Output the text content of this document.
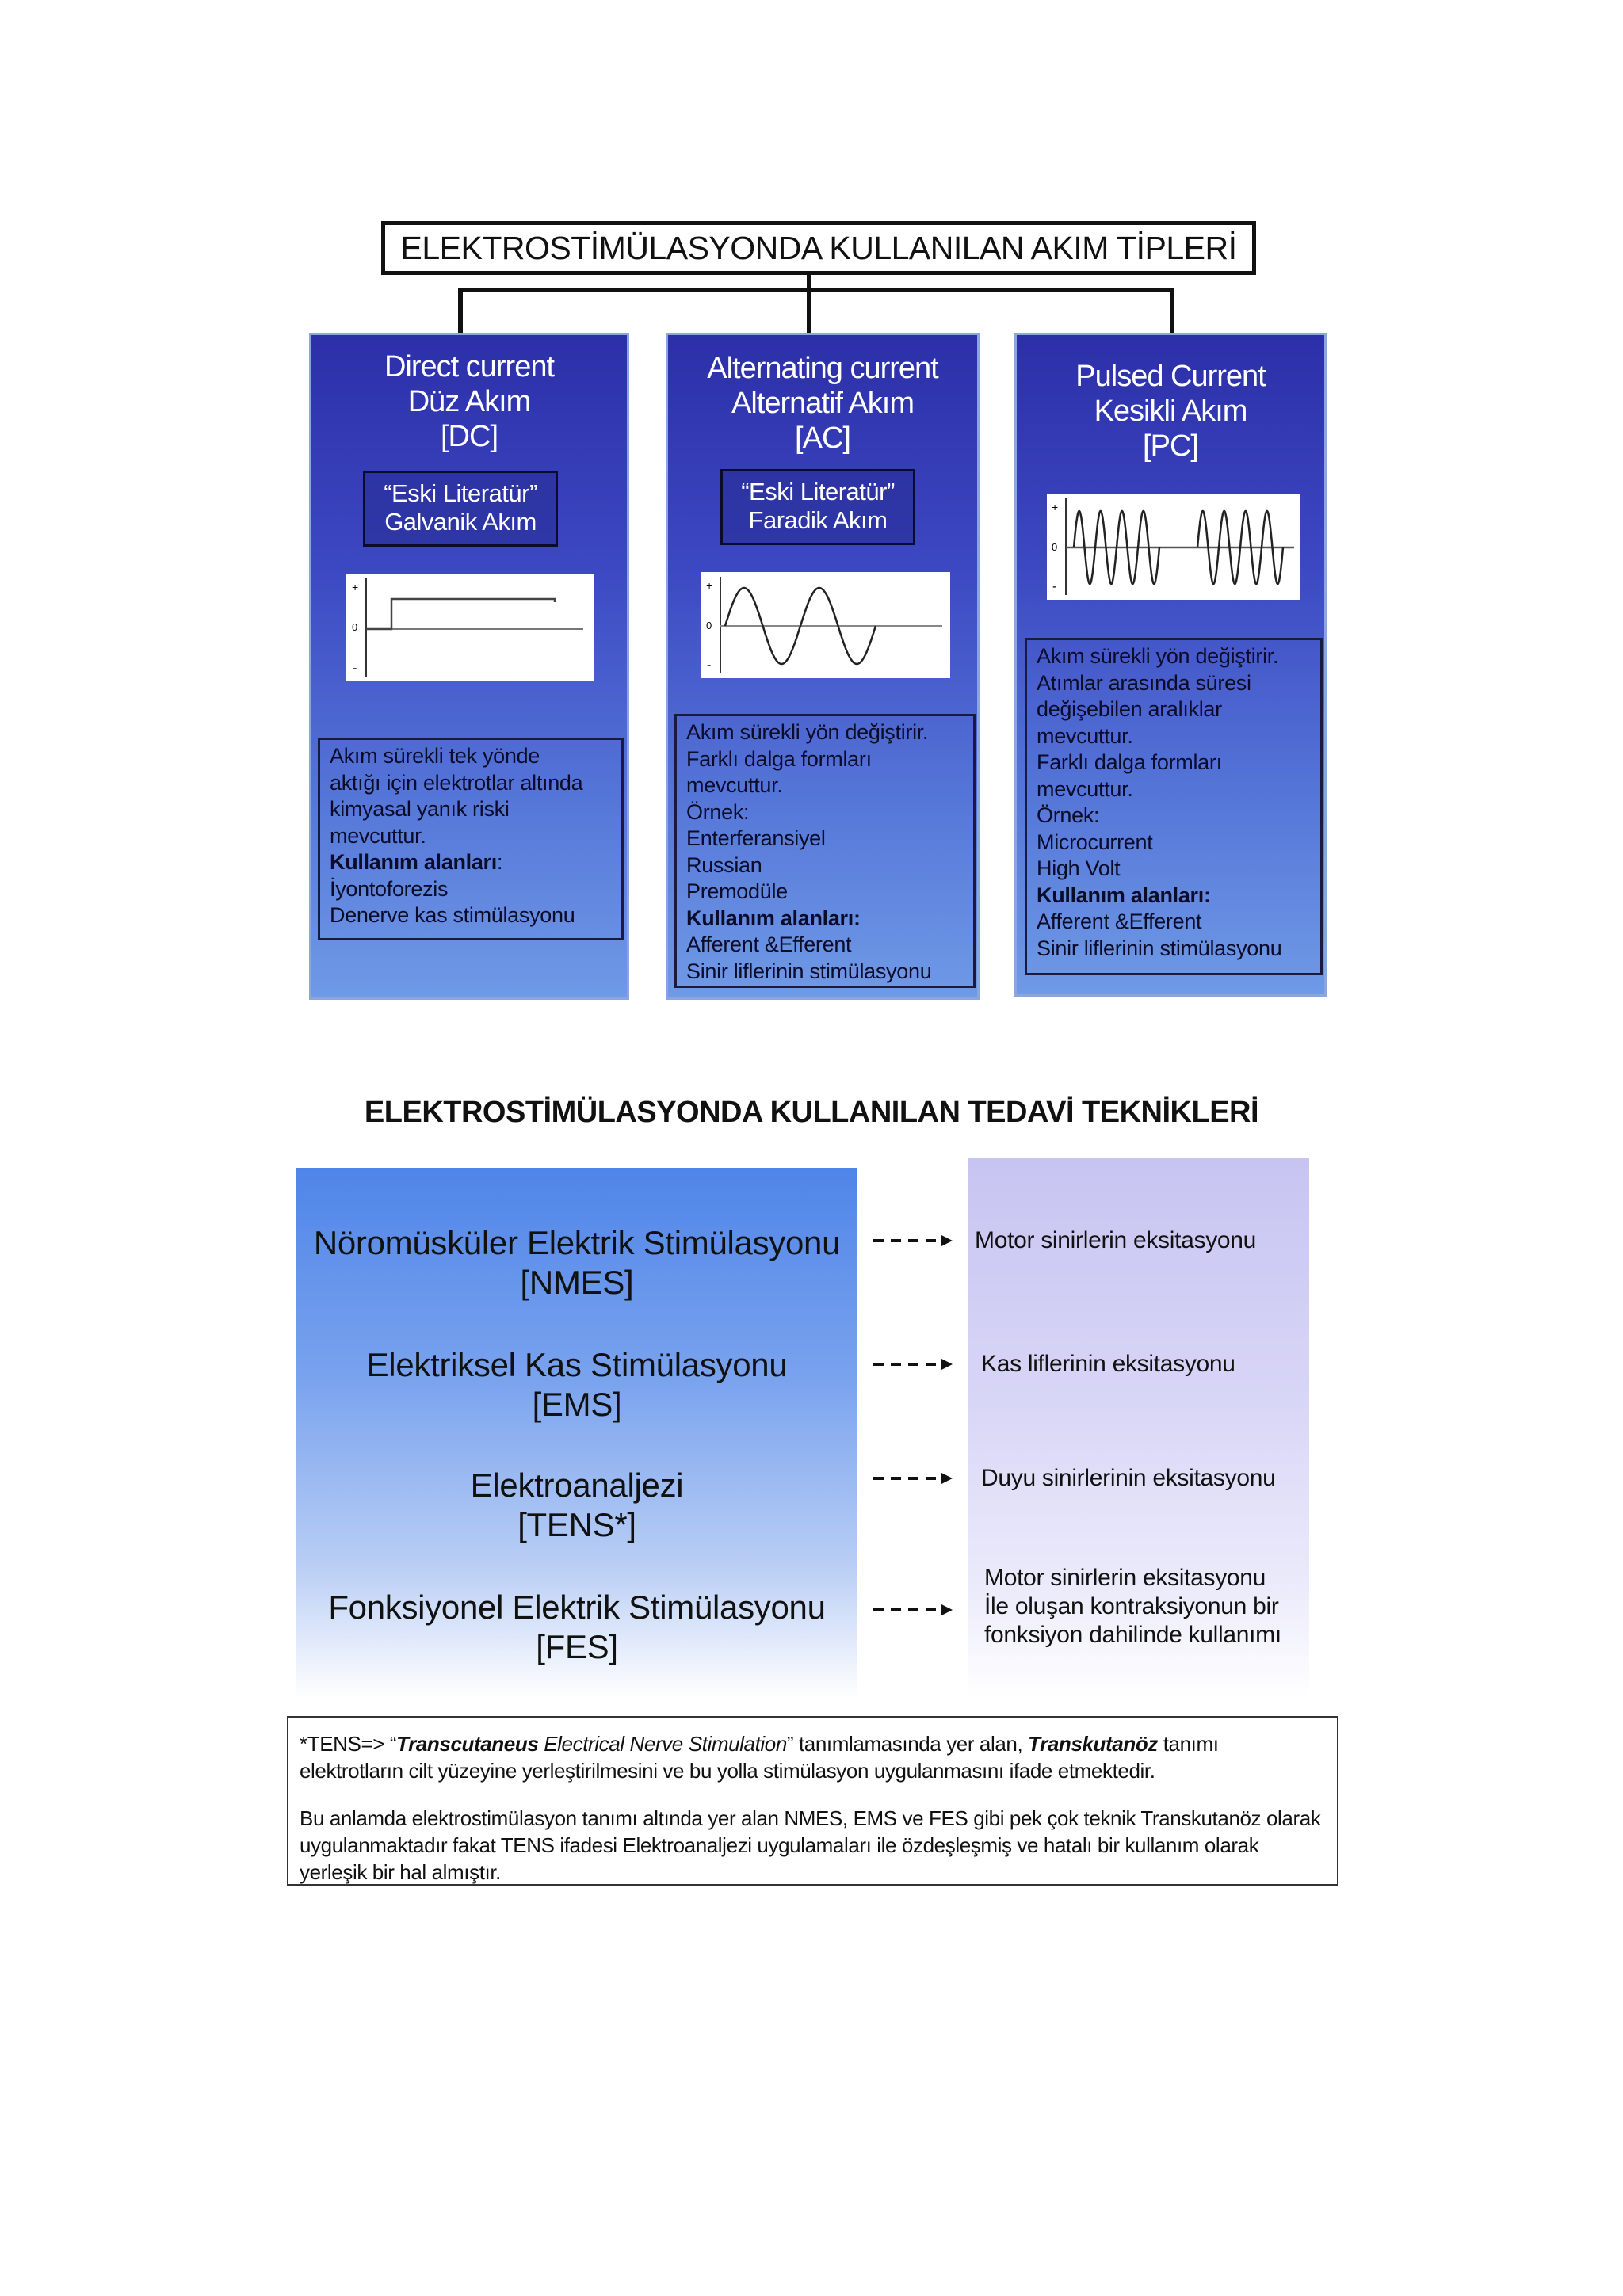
ELEKTROSTİMÜLASYONDA KULLANILAN AKIM TİPLERİ
Direct current
Düz Akım
[DC]
“Eski Literatür”
Galvanik Akım
+
0
-
Akım sürekli tek yönde
aktığı için elektrotlar altında
kimyasal yanık riski
mevcuttur.
Kullanım alanları:
İyontoforezis
Denerve kas stimülasyonu
Alternating current
Alternatif Akım
[AC]
“Eski Literatür”
Faradik Akım
+
0
-
Akım sürekli yön değiştirir.
Farklı dalga formları
mevcuttur.
Örnek:
Enterferansiyel
Russian
Premodüle
Kullanım alanları:
Afferent &Efferent
Sinir liflerinin stimülasyonu
Pulsed Current
Kesikli Akım
[PC]
+
0
-
Akım sürekli yön değiştirir.
Atımlar arasında süresi
değişebilen aralıklar
mevcuttur.
Farklı dalga formları
mevcuttur.
Örnek:
Microcurrent
High Volt
Kullanım alanları:
Afferent &Efferent
Sinir liflerinin stimülasyonu
ELEKTROSTİMÜLASYONDA KULLANILAN TEDAVİ TEKNİKLERİ
Nöromüsküler Elektrik Stimülasyonu
[NMES]
Motor sinirlerin eksitasyonu
Elektriksel Kas Stimülasyonu
[EMS]
Kas liflerinin eksitasyonu
Elektroanaljezi
[TENS*]
Duyu sinirlerinin eksitasyonu
Fonksiyonel Elektrik Stimülasyonu
[FES]
Motor sinirlerin eksitasyonu
İle oluşan kontraksiyonun bir
fonksiyon dahilinde kullanımı

*TENS=> “Transcutaneus Electrical Nerve Stimulation” tanımlamasında yer alan, Transkutanöz tanımı elektrotların cilt yüzeyine yerleştirilmesini ve bu yolla stimülasyon uygulanmasını ifade etmektedir.

Bu anlamda elektrostimülasyon tanımı altında yer alan NMES, EMS ve FES gibi pek çok teknik Transkutanöz olarak uygulanmaktadır fakat TENS ifadesi Elektroanaljezi uygulamaları ile özdeşleşmiş ve hatalı bir kullanım olarak yerleşik bir hal almıştır.
